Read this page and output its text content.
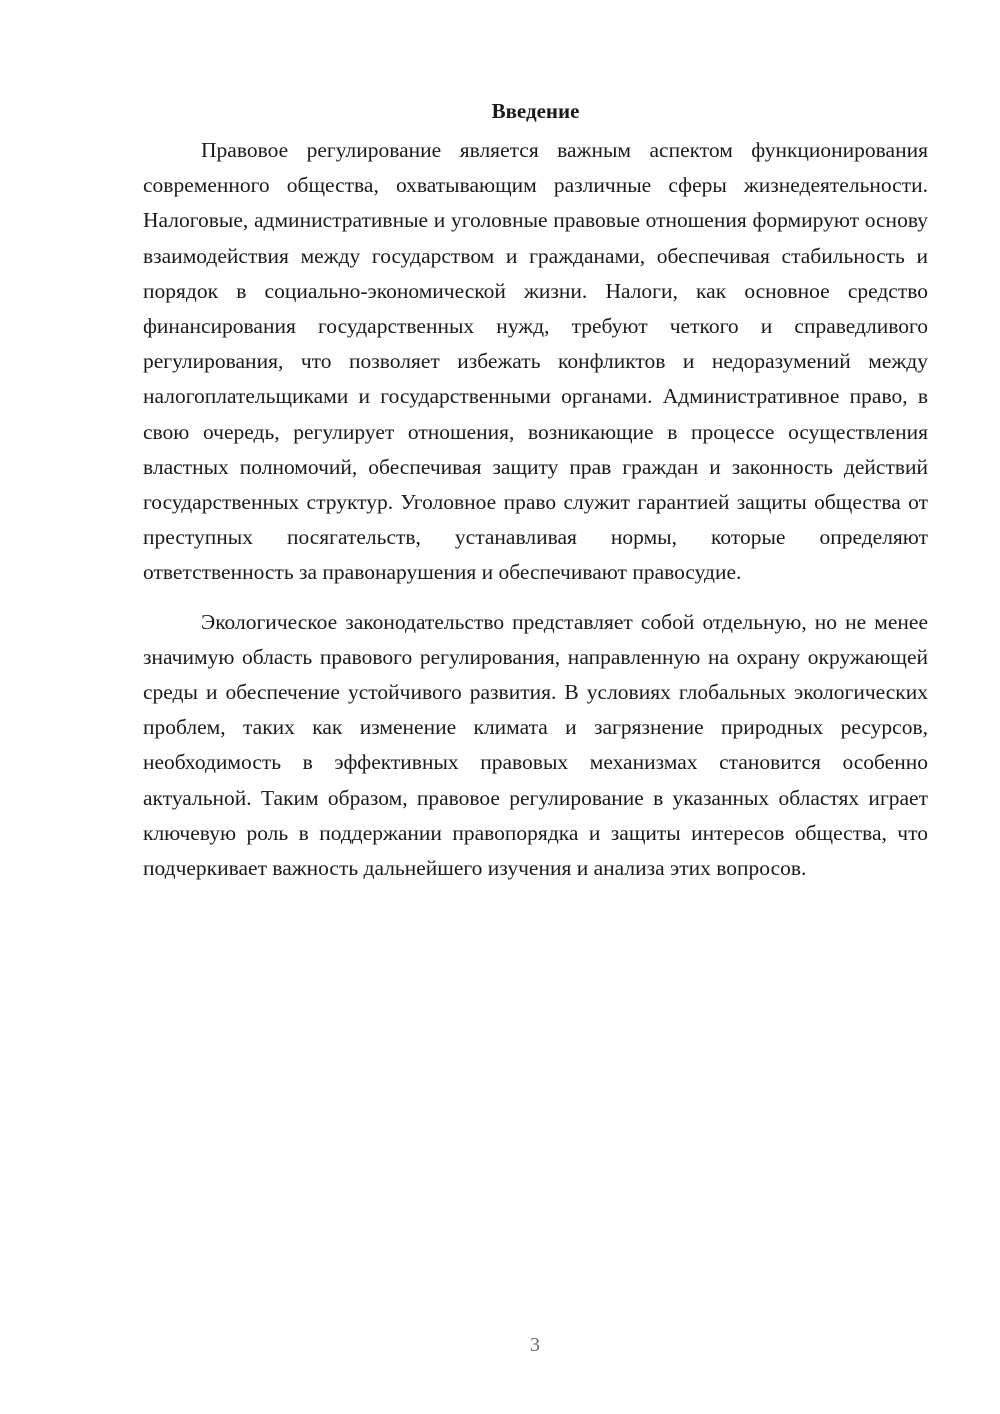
Введение

Правовое регулирование является важным аспектом функционирования современного общества, охватывающим различные сферы жизнедеятельности. Налоговые, административные и уголовные правовые отношения формируют основу взаимодействия между государством и гражданами, обеспечивая стабильность и порядок в социально-экономической жизни. Налоги, как основное средство финансирования государственных нужд, требуют четкого и справедливого регулирования, что позволяет избежать конфликтов и недоразумений между налогоплательщиками и государственными органами. Административное право, в свою очередь, регулирует отношения, возникающие в процессе осуществления властных полномочий, обеспечивая защиту прав граждан и законность действий государственных структур. Уголовное право служит гарантией защиты общества от преступных посягательств, устанавливая нормы, которые определяют ответственность за правонарушения и обеспечивают правосудие.

Экологическое законодательство представляет собой отдельную, но не менее значимую область правового регулирования, направленную на охрану окружающей среды и обеспечение устойчивого развития. В условиях глобальных экологических проблем, таких как изменение климата и загрязнение природных ресурсов, необходимость в эффективных правовых механизмах становится особенно актуальной. Таким образом, правовое регулирование в указанных областях играет ключевую роль в поддержании правопорядка и защиты интересов общества, что подчеркивает важность дальнейшего изучения и анализа этих вопросов.

3
